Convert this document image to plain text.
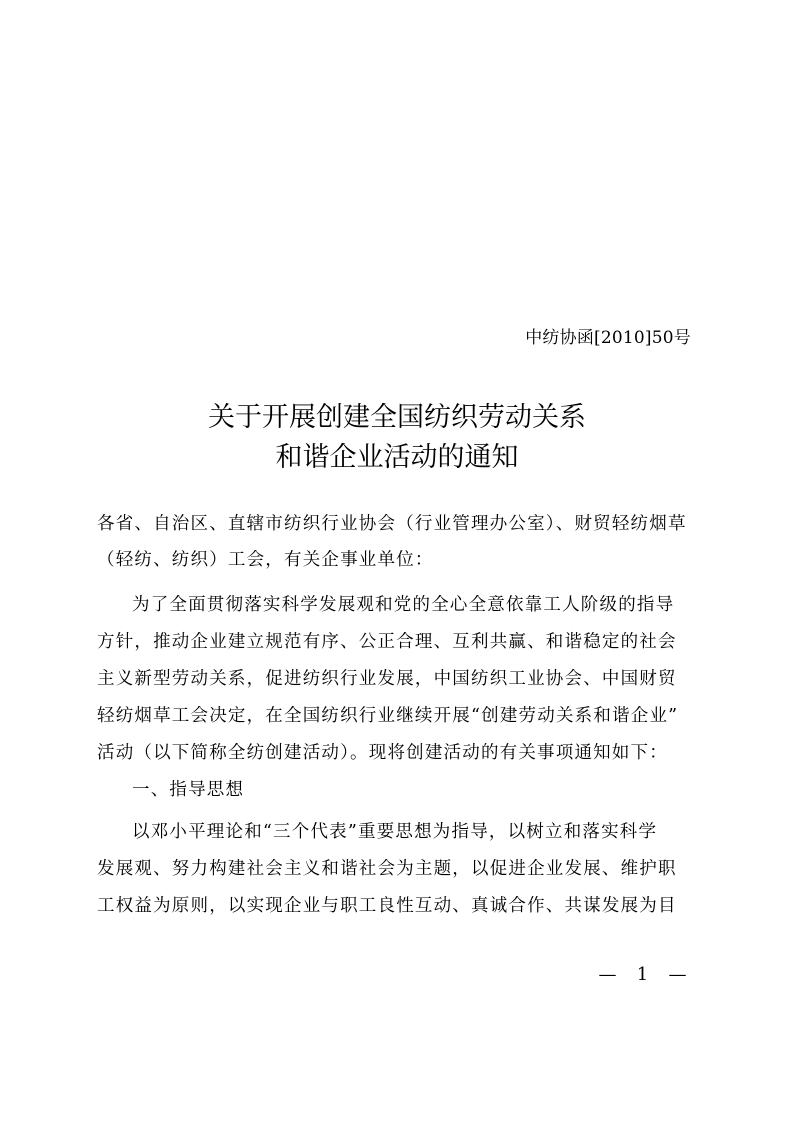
中纺协函[2010]50号
关于开展创建全国纺织劳动关系
和谐企业活动的通知
各省、自治区、直辖市纺织行业协会（行业管理办公室）、财贸轻纺烟草
（轻纺、纺织）工会，有关企事业单位：
为了全面贯彻落实科学发展观和党的全心全意依靠工人阶级的指导
方针，推动企业建立规范有序、公正合理、互利共赢、和谐稳定的社会
主义新型劳动关系，促进纺织行业发展，中国纺织工业协会、中国财贸
轻纺烟草工会决定，在全国纺织行业继续开展“创建劳动关系和谐企业”
活动（以下简称全纺创建活动）。现将创建活动的有关事项通知如下：
一、指导思想
以邓小平理论和“三个代表”重要思想为指导，以树立和落实科学
发展观、努力构建社会主义和谐社会为主题，以促进企业发展、维护职
工权益为原则，以实现企业与职工良性互动、真诚合作、共谋发展为目
— 1 —
